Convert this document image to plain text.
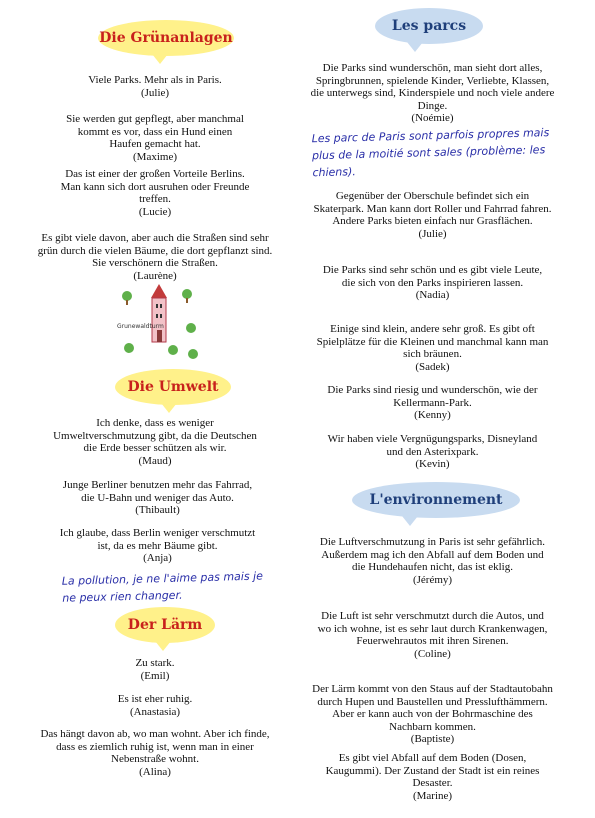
Die Grünanlagen
Viele Parks. Mehr als in Paris.
(Julie)
Sie werden gut gepflegt, aber manchmal kommt es vor, dass ein Hund einen Haufen gemacht hat.
(Maxime)
Das ist einer der großen Vorteile Berlins. Man kann sich dort ausruhen oder Freunde treffen.
(Lucie)
Es gibt viele davon, aber auch die Straßen sind sehr grün durch die vielen Bäume, die dort gepflanzt sind. Sie verschönern die Straßen.
(Laurène)
Grunewaldturm
Die Umwelt
Ich denke, dass es weniger Umweltverschmutzung gibt, da die Deutschen die Erde besser schützen als wir.
(Maud)
Junge Berliner benutzen mehr das Fahrrad, die U-Bahn und weniger das Auto.
(Thibault)
Ich glaube, dass Berlin weniger verschmutzt ist, da es mehr Bäume gibt.
(Anja)
La pollution, je ne l'aime pas mais je ne peux rien changer.
Der Lärm
Zu stark.
(Emil)
Es ist eher ruhig.
(Anastasia)
Das hängt davon ab, wo man wohnt. Aber ich finde, dass es ziemlich ruhig ist, wenn man in einer Nebenstraße wohnt.
(Alina)
Les parcs
Die Parks sind wunderschön, man sieht dort alles, Springbrunnen, spielende Kinder, Verliebte, Klassen, die unterwegs sind, Kinderspiele und noch viele andere Dinge.
(Noémie)
Les parc de Paris sont parfois propres mais plus de la moitié sont sales (problème: les chiens).
Gegenüber der Oberschule befindet sich ein Skaterpark. Man kann dort Roller und Fahrrad fahren. Andere Parks bieten einfach nur Grasflächen.
(Julie)
Die Parks sind sehr schön und es gibt viele Leute, die sich von den Parks inspirieren lassen.
(Nadia)
Einige sind klein, andere sehr groß. Es gibt oft Spielplätze für die Kleinen und manchmal kann man sich bräunen.
(Sadek)
Die Parks sind riesig und wunderschön, wie der Kellermann-Park.
(Kenny)
Wir haben viele Vergnügungsparks, Disneyland und den Asterixpark.
(Kevin)
L'environnement
Die Luftverschmutzung in Paris ist sehr gefährlich. Außerdem mag ich den Abfall auf dem Boden und die Hundehaufen nicht, das ist eklig.
(Jérémy)
Die Luft ist sehr verschmutzt durch die Autos, und wo ich wohne, ist es sehr laut durch Krankenwagen, Feuerwehrautos mit ihren Sirenen.
(Coline)
Der Lärm kommt von den Staus auf der Stadtautobahn durch Hupen und Baustellen und Presslufthämmern. Aber er kann auch von der Bohrmaschine des Nachbarn kommen.
(Baptiste)
Es gibt viel Abfall auf dem Boden (Dosen, Kaugummi). Der Zustand der Stadt ist ein reines Desaster.
(Marine)
